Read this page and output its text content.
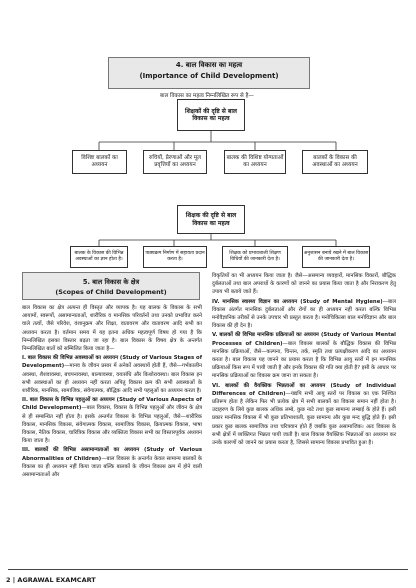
4. बाल विकास का महत्व
(Importance of Child Development)
बाल विकास का महत्व निम्नलिखित रूप से है—
शिक्षकों की दृष्टि से बाल विकास का महत्व
विशिष्ट बालकों का अध्ययन
रुचियों, प्रेरणाओं और मूल प्रवृत्तियों का अध्ययन
बालक की विशिष्ट योग्यताओं का अध्ययन
बालकों के विकास की अवस्थाओं का अध्ययन
शिक्षक की दृष्टि से बाल विकास का महत्व
बालक के विकास की विभिन्न अवस्थाओं का ज्ञान होता है।
पाठ्यक्रम निर्माण में सहायता प्रदान करता है।
शिक्षक को प्रभावशाली शिक्षण विधियों की जानकारी देता है।
अनुशासन बनाये रखने में बाल विकास की जानकारी देता है।
5. बाल विकास के क्षेत्र
(Scopes of Child Development)
बाल विकास का क्षेत्र अत्यन्त ही विस्तृत और व्यापक है। यह बालक के विकास के सभी आयामों, स्वरूपों, असामान्यताओं, शारीरिक व मानसिक परिवर्तनों तथा उनको प्रभावित करने वाले तत्वों, जैसे परिवेश, वंशानुक्रम और शिक्षा, वातावरण और वातावरण आदि सभी का अध्ययन करता है। वर्तमान समय में यह इतना अधिक महत्वपूर्ण विषय हो गया है कि निम्नलिखित इसका विस्तार बढ़ता जा रहा है। बाल विकास के विषय क्षेत्र के अन्तर्गत निम्नलिखित बातों को सम्मिलित किया जाता है—
I. बाल विकास की विभिन्न अवस्थाओं का अध्ययन (Study of Various Stages of Development)—मानव के जीवन प्रसार में अनेकों अवस्थायें होती हैं, जैसे—गर्भकालीन अवस्था, शैशवावस्था, बचपनावस्था, बाल्यावस्था, वयःसंधि और किशोरावस्था। बाल विकास इन सभी अवस्थाओं का ही अध्ययन नहीं करता अपितु विकास क्रम की सभी अवस्थाओं के शारीरिक, मानसिक, सामाजिक, संवेगात्मक, बौद्धिक आदि सभी पहलुओं का अध्ययन करता है।
II. बाल विकास के विभिन्न पहलुओं का अध्ययन (Study of Various Aspects of Child Development)—बाल विकास, विकास के विभिन्न पहलुओं और जीवन के क्षेत्र से ही सम्बन्धित नहीं होता है। इसके अन्तर्गत विकास के विभिन्न पहलुओं, जैसे—शारीरिक विकास, मानसिक विकास, संवेगात्मक विकास, सामाजिक विकास, क्रियात्मक विकास, भाषा विकास, नैतिक विकास, चारित्रिक विकास और व्यक्तित्व विकास सभी का विस्तारपूर्वक अध्ययन किया जाता है।
III. बालकों की विभिन्न असामान्यताओं का अध्ययन (Study of Various Abnormalities of Children)—बाल विकास के अन्तर्गत केवल सामान्य बालकों के विकास का ही अध्ययन नहीं किया जाता बल्कि बालकों के जीवन विकास क्रम में होने वाली असामान्यताओं और
विकृतियों का भी अध्ययन किया जाता है। जैसे—असमान्य व्यवहारों, मानसिक विकारों, बौद्धिक दुर्बलताओं तथा बाल अपराधों के कारणों को जानने का प्रयास किया जाता है और निराकरण हेतु उपाय भी बताये जाते हैं।
IV. मानसिक स्वास्थ्य विज्ञान का अध्ययन (Study of Mental Hygiene)—बाल विकास अंतर्गत मानसिक दुर्बलताओं और रोगों का ही अध्ययन नहीं करता बल्कि विभिन्न मनोवैज्ञानिक तरीकों से उनके उपचार भी प्रस्तुत करता है। मनोचिकित्सा बाल मनोविज्ञान और बाल विकास की ही देन है।
V. बालकों की विभिन्न मानसिक प्रक्रियाओं का अध्ययन (Study of Various Mental Processes of Children)—बाल विकास बालकों के बौद्धिक विकास की विभिन्न मानसिक प्रक्रियाओं, जैसे—कल्पना, चिन्तन, तर्क, स्मृति तथा प्रत्यक्षीकरण आदि का अध्ययन करता है। बाल विकास यह जानने का प्रयास करता है कि विभिन्न आयु स्तरों में इन मानसिक प्रक्रियाओं किस रूप में पायी जाती है और इनके विकास की गति क्या होती है? इसी के आधार पर मानसिक प्रक्रियाओं का विकास क्रम जाना जा सकता है।
VI. बालकों की वैयक्तिक भिन्नताओं का अध्ययन (Study of Individual Differences of Children)—यद्यपि सभी आयु स्तरों पर विकास का एक निश्चित प्रतिरूप होता है लेकिन फिर भी प्रत्येक क्षेत्र में सभी बालकों का विकास समान नहीं होता है। उदाहरण के लिये कुछ बालक अधिक लम्बे, कुछ नाटे तथा कुछ सामान्य लम्बाई के होते हैं। इसी प्रकार मानसिक विकास में भी कुछ प्रतिभाशाली, कुछ सामान्य और कुछ मन्द बुद्धि होते हैं। इसी प्रकार कुछ बालक सामाजिक तथा चरित्रवान होते हैं जबकि कुछ असामाजिक। अतः विकास के सभी क्षेत्रों में व्यक्तिगत भिन्नता पायी जाती है। बाल विकास वैयक्तिक भिन्नताओं का अध्ययन कर उनके कारणों को जानने का प्रयास करता है, जिससे सामान्य विकास प्रभावित हुआ है।
2 | AGRAWAL EXAMCART
